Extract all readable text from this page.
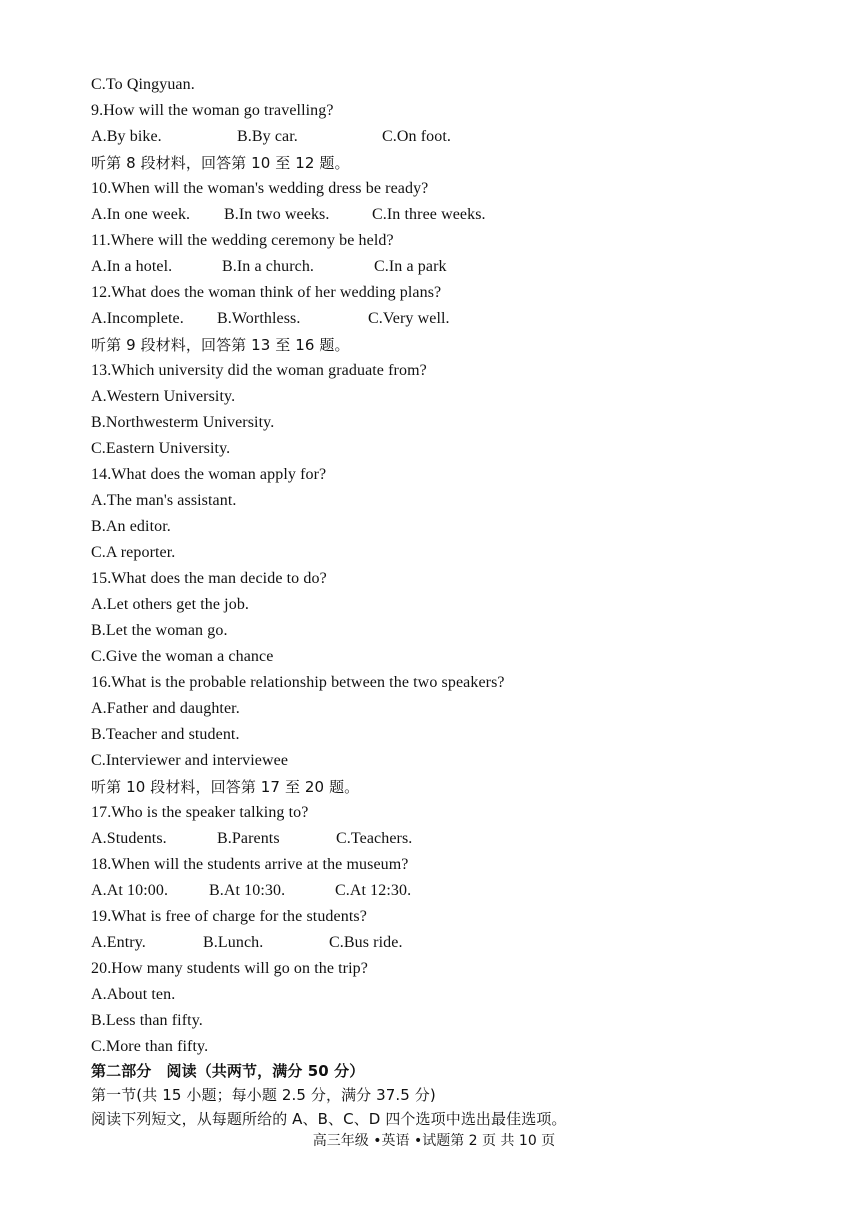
C.To Qingyuan.
9.How will the woman go travelling?
A.By bike.	B.By car.	C.On foot.
听第 8 段材料，回答第 10 至 12 题。
10.When will the woman's wedding dress be ready?
A.In one week. B.In two weeks.	C.In three weeks.
11.Where will the wedding ceremony be held?
A.In a hotel.	B.In a church.	C.In a park
12.What does the woman think of her wedding plans?
A.Incomplete. B.Worthless.	C.Very well.
听第 9 段材料，回答第 13 至 16 题。
13.Which university did the woman graduate from?
A.Western University.
B.Northwesterm University.
C.Eastern University.
14.What does the woman apply for?
A.The man's assistant.
B.An editor.
C.A reporter.
15.What does the man decide to do?
A.Let others get the job.
B.Let the woman go.
C.Give the woman a chance
16.What is the probable relationship between the two speakers?
A.Father and daughter.
B.Teacher and student.
C.Interviewer and interviewee
听第 10 段材料，回答第 17 至 20 题。
17.Who is the speaker talking to?
A.Students.	B.Parents	C.Teachers.
18.When will the students arrive at the museum?
A.At 10:00.	B.At 10:30.	C.At 12:30.
19.What is free of charge for the students?
A.Entry.	B.Lunch.	C.Bus ride.
20.How many students will go on the trip?
A.About ten.
B.Less than fifty.
C.More than fifty.
第二部分　阅读（共两节，满分 50 分）
第一节(共 15 小题；每小题 2.5 分，满分 37.5 分)
阅读下列短文，从每题所给的 A、B、C、D 四个选项中选出最佳选项。
高三年级 •英语 •试题第 2 页 共 10 页
